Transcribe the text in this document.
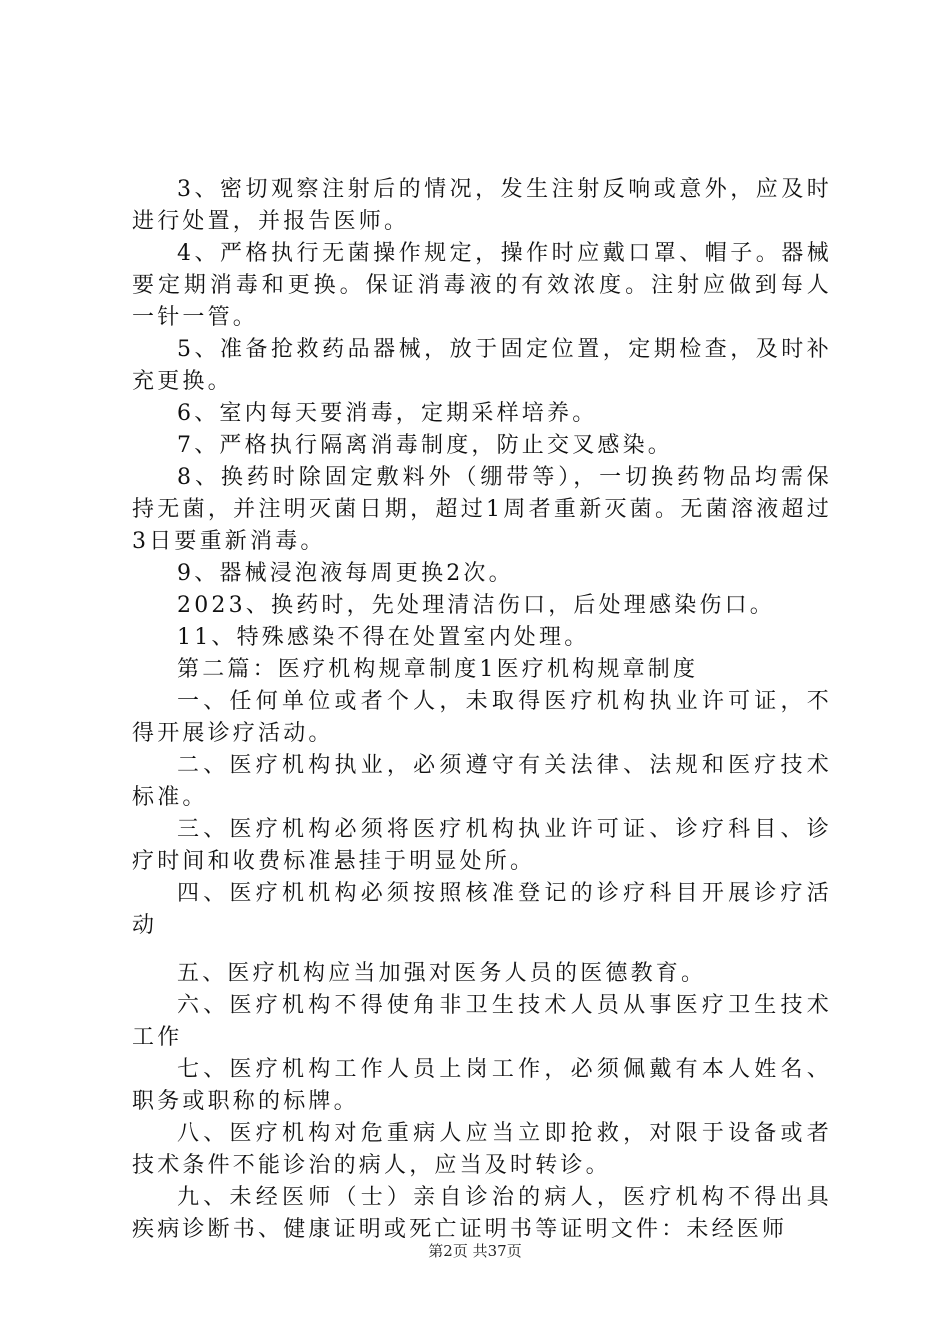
3、密切观察注射后的情况，发生注射反响或意外，应及时进行处置，并报告医师。

4、严格执行无菌操作规定，操作时应戴口罩、帽子。器械要定期消毒和更换。保证消毒液的有效浓度。注射应做到每人一针一管。

5、准备抢救药品器械，放于固定位置，定期检查，及时补充更换。

6、室内每天要消毒，定期采样培养。

7、严格执行隔离消毒制度，防止交叉感染。

8、换药时除固定敷料外（绷带等），一切换药物品均需保持无菌，并注明灭菌日期，超过1周者重新灭菌。无菌溶液超过3日要重新消毒。

9、器械浸泡液每周更换2次。

2023、换药时，先处理清洁伤口，后处理感染伤口。

11、特殊感染不得在处置室内处理。

第二篇：医疗机构规章制度1医疗机构规章制度

一、任何单位或者个人，未取得医疗机构执业许可证，不得开展诊疗活动。

二、医疗机构执业，必须遵守有关法律、法规和医疗技术标准。

三、医疗机构必须将医疗机构执业许可证、诊疗科目、诊疗时间和收费标准悬挂于明显处所。

四、医疗机机构必须按照核准登记的诊疗科目开展诊疗活动

五、医疗机构应当加强对医务人员的医德教育。

六、医疗机构不得使角非卫生技术人员从事医疗卫生技术工作

七、医疗机构工作人员上岗工作，必须佩戴有本人姓名、职务或职称的标牌。

八、医疗机构对危重病人应当立即抢救，对限于设备或者技术条件不能诊治的病人，应当及时转诊。

九、未经医师（士）亲自诊治的病人，医疗机构不得出具疾病诊断书、健康证明或死亡证明书等证明文件：未经医师

第2页 共37页
